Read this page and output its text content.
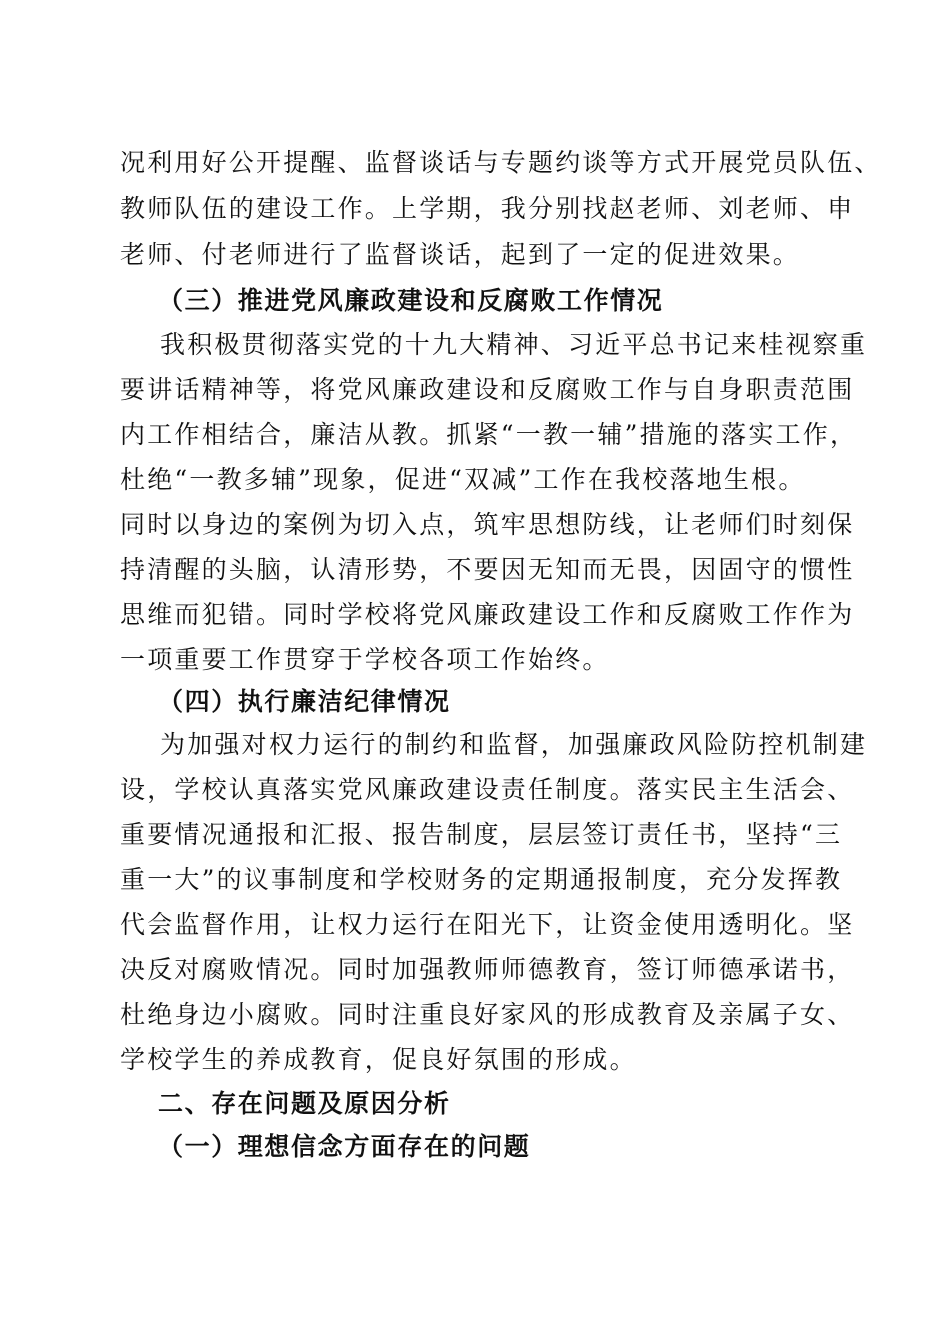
况利用好公开提醒、监督谈话与专题约谈等方式开展党员队伍、
教师队伍的建设工作。上学期，我分别找赵老师、刘老师、申
老师、付老师进行了监督谈话，起到了一定的促进效果。
（三）推进党风廉政建设和反腐败工作情况
我积极贯彻落实党的十九大精神、习近平总书记来桂视察重
要讲话精神等，将党风廉政建设和反腐败工作与自身职责范围
内工作相结合，廉洁从教。抓紧“一教一辅”措施的落实工作，
杜绝“一教多辅”现象，促进“双减”工作在我校落地生根。
同时以身边的案例为切入点，筑牢思想防线，让老师们时刻保
持清醒的头脑，认清形势，不要因无知而无畏，因固守的惯性
思维而犯错。同时学校将党风廉政建设工作和反腐败工作作为
一项重要工作贯穿于学校各项工作始终。
（四）执行廉洁纪律情况
为加强对权力运行的制约和监督，加强廉政风险防控机制建
设，学校认真落实党风廉政建设责任制度。落实民主生活会、
重要情况通报和汇报、报告制度，层层签订责任书，坚持“三
重一大”的议事制度和学校财务的定期通报制度，充分发挥教
代会监督作用，让权力运行在阳光下，让资金使用透明化。坚
决反对腐败情况。同时加强教师师德教育，签订师德承诺书，
杜绝身边小腐败。同时注重良好家风的形成教育及亲属子女、
学校学生的养成教育，促良好氛围的形成。
二、存在问题及原因分析
（一）理想信念方面存在的问题
